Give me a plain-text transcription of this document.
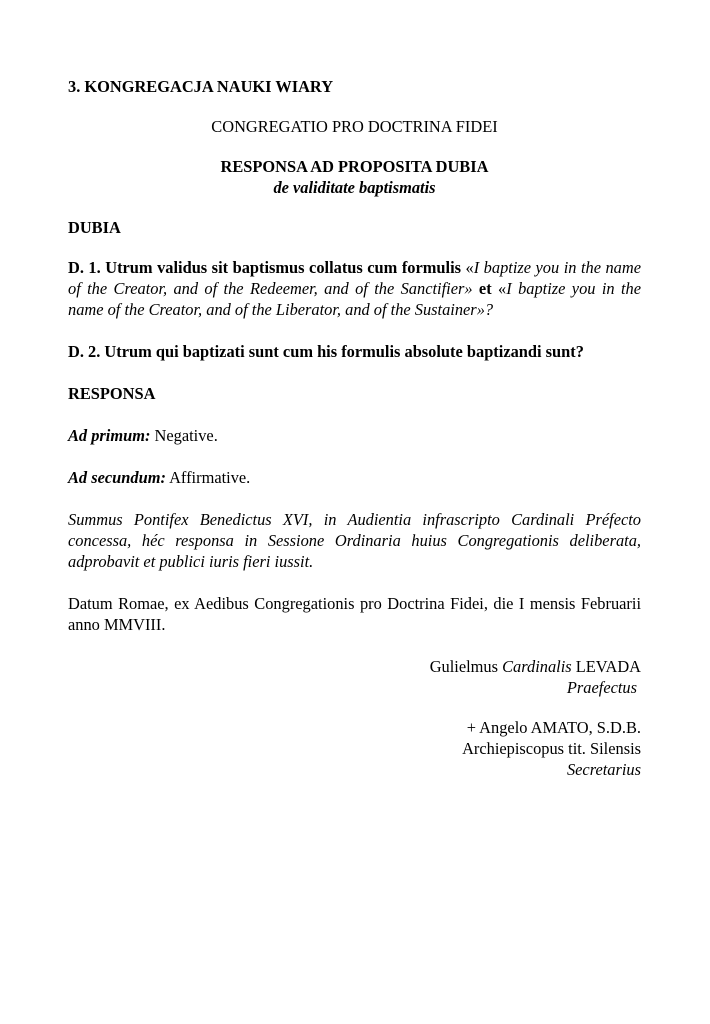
3. KONGREGACJA NAUKI WIARY
CONGREGATIO PRO DOCTRINA FIDEI
RESPONSA AD PROPOSITA DUBIA
de validitate baptismatis
DUBIA
D. 1. Utrum validus sit baptismus collatus cum formulis «I baptize you in the name of the Creator, and of the Redeemer, and of the Sanctifier» et «I baptize you in the name of the Creator, and of the Liberator, and of the Sustainer»?
D. 2. Utrum qui baptizati sunt cum his formulis absolute baptizandi sunt?
RESPONSA
Ad primum: Negative.
Ad secundum: Affirmative.
Summus Pontifex Benedictus XVI, in Audientia infrascripto Cardinali Préfecto concessa, héc responsa in Sessione Ordinaria huius Congregationis deliberata, adprobavit et publici iuris fieri iussit.
Datum Romae, ex Aedibus Congregationis pro Doctrina Fidei, die I mensis Februarii anno MMVIII.
Gulielmus Cardinalis LEVADA
Praefectus
+ Angelo AMATO, S.D.B.
Archiepiscopus tit. Silensis
Secretarius
